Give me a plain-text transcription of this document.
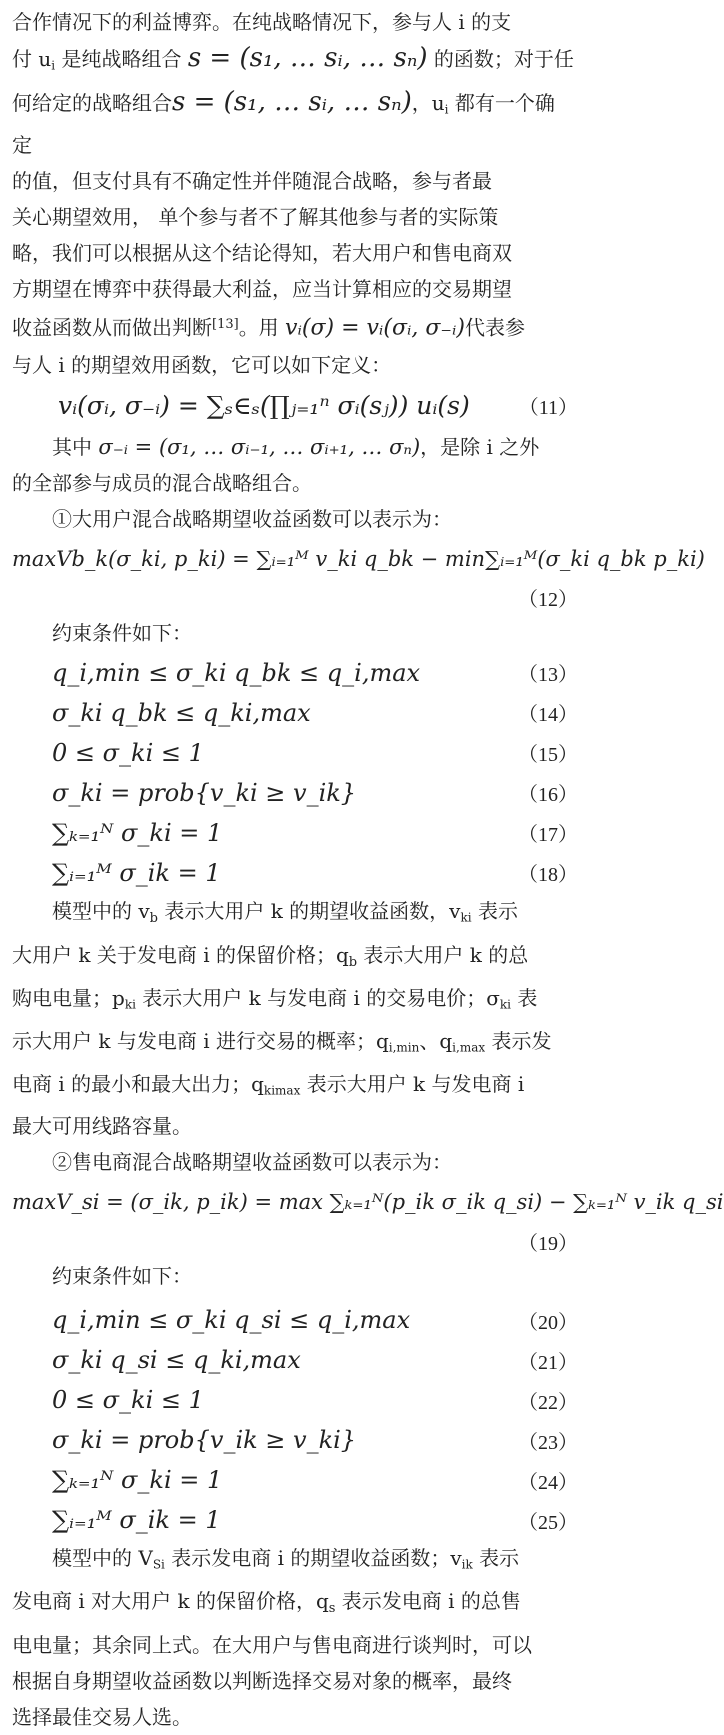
合作情况下的利益博弈。在纯战略情况下，参与人 i 的支
付 $u_i$ 是纯战略组合 s = (s₁, … sᵢ, … sₙ) 的函数；对于任
何给定的战略组合s = (s₁, … sᵢ, … sₙ)，$u_i$ 都有一个确定
的值，但支付具有不确定性并伴随混合战略，参与者最
关心期望效用， 单个参与者不了解其他参与者的实际策
略，我们可以根据从这个结论得知，若大用户和售电商双
方期望在博弈中获得最大利益，应当计算相应的交易期望
收益函数从而做出判断[13]。用 vᵢ(σ) = vᵢ(σᵢ, σ₋ᵢ)代表参
与人 i 的期望效用函数，它可以如下定义：
vᵢ(σᵢ, σ₋ᵢ) = ∑ₛ∈ₛ(∏ⱼ₌₁ⁿ σᵢ(sⱼ)) uᵢ(s) （11）
其中 σ₋ᵢ = (σ₁, … σᵢ₋₁, … σᵢ₊₁, … σₙ)，是除 i 之外
的全部参与成员的混合战略组合。
①大用户混合战略期望收益函数可以表示为：
maxVb_k(σ_ki, p_ki) = ∑ᵢ₌₁ᴹ v_ki q_bk − min∑ᵢ₌₁ᴹ(σ_ki q_bk p_ki)
（12）
约束条件如下：
q_i,min ≤ σ_ki q_bk ≤ q_i,max	（13）
σ_ki q_bk ≤ q_ki,max	（14）
0 ≤ σ_ki ≤ 1	（15）
σ_ki = prob{v_ki ≥ v_ik}	（16）
∑ₖ₌₁ᴺ σ_ki = 1	（17）
∑ᵢ₌₁ᴹ σ_ik = 1	（18）
模型中的 $v_b$ 表示大用户 k 的期望收益函数，$v_{ki}$ 表示
大用户 k 关于发电商 i 的保留价格；$q_b$ 表示大用户 k 的总
购电电量；$p_{ki}$ 表示大用户 k 与发电商 i 的交易电价；$\sigma_{ki}$ 表
示大用户 k 与发电商 i 进行交易的概率；$q_{i,min}$、$q_{i,max}$ 表示发
电商 i 的最小和最大出力；$q_{kimax}$ 表示大用户 k 与发电商 i
最大可用线路容量。
②售电商混合战略期望收益函数可以表示为：
maxV_si = (σ_ik, p_ik) = max ∑ₖ₌₁ᴺ(p_ik σ_ik q_si) − ∑ₖ₌₁ᴺ v_ik q_si
（19）
约束条件如下：
q_i,min ≤ σ_ki q_si ≤ q_i,max	（20）
σ_ki q_si ≤ q_ki,max	（21）
0 ≤ σ_ki ≤ 1	（22）
σ_ki = prob{v_ik ≥ v_ki}	（23）
∑ₖ₌₁ᴺ σ_ki = 1	（24）
∑ᵢ₌₁ᴹ σ_ik = 1	（25）
模型中的 $V_{Si}$ 表示发电商 i 的期望收益函数；$v_{ik}$ 表示
发电商 i 对大用户 k 的保留价格，$q_s$ 表示发电商 i 的总售
电电量；其余同上式。在大用户与售电商进行谈判时，可以
根据自身期望收益函数以判断选择交易对象的概率，最终
选择最佳交易人选。
